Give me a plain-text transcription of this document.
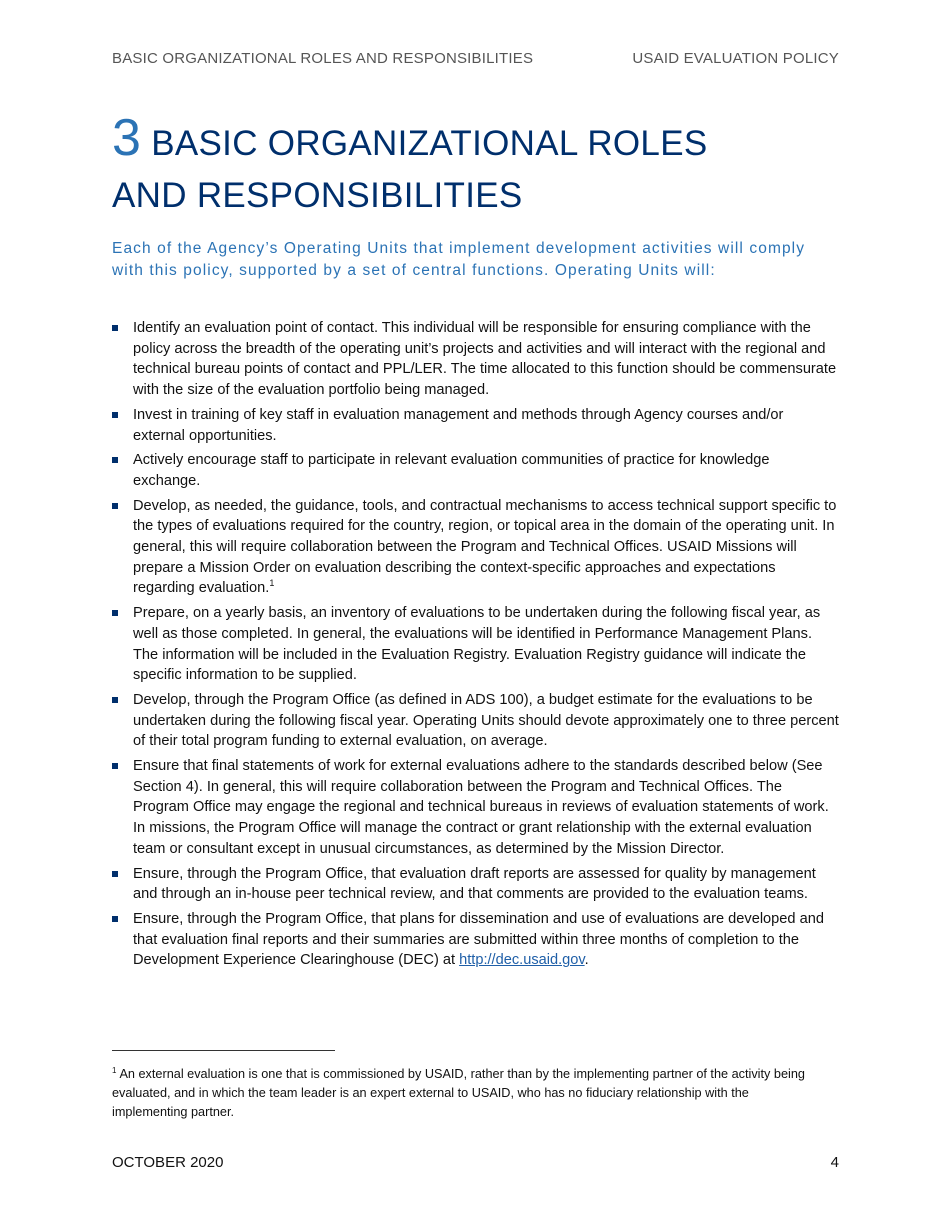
BASIC ORGANIZATIONAL ROLES AND RESPONSIBILITIES	USAID EVALUATION POLICY
3 BASIC ORGANIZATIONAL ROLES
AND RESPONSIBILITIES

Each of the Agency’s Operating Units that implement development activities will comply with this policy, supported by a set of central functions. Operating Units will:

Identify an evaluation point of contact. This individual will be responsible for ensuring compliance with the policy across the breadth of the operating unit’s projects and activities and will interact with the regional and technical bureau points of contact and PPL/LER. The time allocated to this function should be commensurate with the size of the evaluation portfolio being managed.
Invest in training of key staff in evaluation management and methods through Agency courses and/or external opportunities.
Actively encourage staff to participate in relevant evaluation communities of practice for knowledge exchange.
Develop, as needed, the guidance, tools, and contractual mechanisms to access technical support specific to the types of evaluations required for the country, region, or topical area in the domain of the operating unit. In general, this will require collaboration between the Program and Technical Offices. USAID Missions will prepare a Mission Order on evaluation describing the context-specific approaches and expectations regarding evaluation.$^1$
Prepare, on a yearly basis, an inventory of evaluations to be undertaken during the following fiscal year, as well as those completed. In general, the evaluations will be identified in Performance Management Plans. The information will be included in the Evaluation Registry. Evaluation Registry guidance will indicate the specific information to be supplied.
Develop, through the Program Office (as defined in ADS 100), a budget estimate for the evaluations to be undertaken during the following fiscal year. Operating Units should devote approximately one to three percent of their total program funding to external evaluation, on average.
Ensure that final statements of work for external evaluations adhere to the standards described below (See Section 4). In general, this will require collaboration between the Program and Technical Offices. The Program Office may engage the regional and technical bureaus in reviews of evaluation statements of work. In missions, the Program Office will manage the contract or grant relationship with the external evaluation team or consultant except in unusual circumstances, as determined by the Mission Director.
Ensure, through the Program Office, that evaluation draft reports are assessed for quality by management and through an in-house peer technical review, and that comments are provided to the evaluation teams.
Ensure, through the Program Office, that plans for dissemination and use of evaluations are developed and that evaluation final reports and their summaries are submitted within three months of completion to the Development Experience Clearinghouse (DEC) at http://dec.usaid.gov.

$^1$ An external evaluation is one that is commissioned by USAID, rather than by the implementing partner of the activity being evaluated, and in which the team leader is an expert external to USAID, who has no fiduciary relationship with the implementing partner.

OCTOBER 2020	4
